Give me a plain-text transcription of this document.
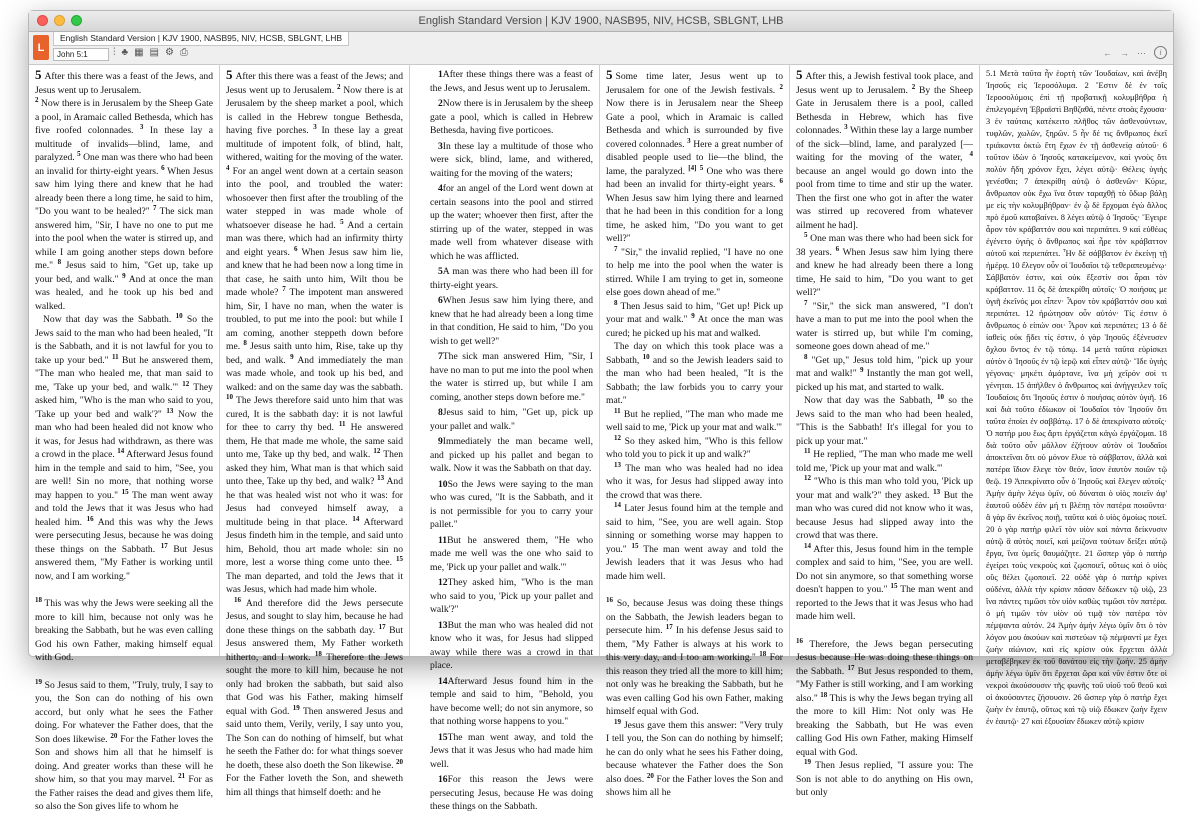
English Standard Version | KJV 1900, NASB95, NIV, HCSB, SBLGNT, LHB
L
English Standard Version | KJV 1900, NASB95, NIV, HCSB, SBLGNT, LHB
John 5:1	⫶ ♣ ▦ ▤ ⚙ ⎙	← → ⋯	i

5 After this there was a feast of the Jews, and Jesus went up to Jerusalem.

$^2$ Now there is in Jerusalem by the Sheep Gate a pool, in Aramaic called Bethesda, which has five roofed colonnades. $^3$ In these lay a multitude of invalids—blind, lame, and paralyzed. $^5$ One man was there who had been an invalid for thirty-eight years. $^6$ When Jesus saw him lying there and knew that he had already been there a long time, he said to him, "Do you want to be healed?" $^7$ The sick man answered him, "Sir, I have no one to put me into the pool when the water is stirred up, and while I am going another steps down before me." $^8$ Jesus said to him, "Get up, take up your bed, and walk." $^9$ And at once the man was healed, and he took up his bed and walked.

Now that day was the Sabbath. $^{10}$ So the Jews said to the man who had been healed, "It is the Sabbath, and it is not lawful for you to take up your bed." $^{11}$ But he answered them, "The man who healed me, that man said to me, 'Take up your bed, and walk.'" $^{12}$ They asked him, "Who is the man who said to you, 'Take up your bed and walk'?" $^{13}$ Now the man who had been healed did not know who it was, for Jesus had withdrawn, as there was a crowd in the place. $^{14}$ Afterward Jesus found him in the temple and said to him, "See, you are well! Sin no more, that nothing worse may happen to you." $^{15}$ The man went away and told the Jews that it was Jesus who had healed him. $^{16}$ And this was why the Jews were persecuting Jesus, because he was doing these things on the Sabbath. $^{17}$ But Jesus answered them, "My Father is working until now, and I am working."

$^{18}$ This was why the Jews were seeking all the more to kill him, because not only was he breaking the Sabbath, but he was even calling God his own Father, making himself equal with God.

$^{19}$ So Jesus said to them, "Truly, truly, I say to you, the Son can do nothing of his own accord, but only what he sees the Father doing. For whatever the Father does, that the Son does likewise. $^{20}$ For the Father loves the Son and shows him all that he himself is doing. And greater works than these will he show him, so that you may marvel. $^{21}$ For as the Father raises the dead and gives them life, so also the Son gives life to whom he

5 After this there was a feast of the Jews; and Jesus went up to Jerusalem. $^2$ Now there is at Jerusalem by the sheep market a pool, which is called in the Hebrew tongue Bethesda, having five porches. $^3$ In these lay a great multitude of impotent folk, of blind, halt, withered, waiting for the moving of the water. $^4$ For an angel went down at a certain season into the pool, and troubled the water: whosoever then first after the troubling of the water stepped in was made whole of whatsoever disease he had. $^5$ And a certain man was there, which had an infirmity thirty and eight years. $^6$ When Jesus saw him lie, and knew that he had been now a long time in that case, he saith unto him, Wilt thou be made whole? $^7$ The impotent man answered him, Sir, I have no man, when the water is troubled, to put me into the pool: but while I am coming, another steppeth down before me. $^8$ Jesus saith unto him, Rise, take up thy bed, and walk. $^9$ And immediately the man was made whole, and took up his bed, and walked: and on the same day was the sabbath. $^{10}$ The Jews therefore said unto him that was cured, It is the sabbath day: it is not lawful for thee to carry thy bed. $^{11}$ He answered them, He that made me whole, the same said unto me, Take up thy bed, and walk. $^{12}$ Then asked they him, What man is that which said unto thee, Take up thy bed, and walk? $^{13}$ And he that was healed wist not who it was: for Jesus had conveyed himself away, a multitude being in that place. $^{14}$ Afterward Jesus findeth him in the temple, and said unto him, Behold, thou art made whole: sin no more, lest a worse thing come unto thee. $^{15}$ The man departed, and told the Jews that it was Jesus, which had made him whole.

$^{16}$ And therefore did the Jews persecute Jesus, and sought to slay him, because he had done these things on the sabbath day. $^{17}$ But Jesus answered them, My Father worketh hitherto, and I work. $^{18}$ Therefore the Jews sought the more to kill him, because he not only had broken the sabbath, but said also that God was his Father, making himself equal with God. $^{19}$ Then answered Jesus and said unto them, Verily, verily, I say unto you, The Son can do nothing of himself, but what he seeth the Father do: for what things soever he doeth, these also doeth the Son likewise. $^{20}$ For the Father loveth the Son, and sheweth him all things that himself doeth: and he

1After these things there was a feast of the Jews, and Jesus went up to Jerusalem.

2Now there is in Jerusalem by the sheep gate a pool, which is called in Hebrew Bethesda, having five porticoes.

3In these lay a multitude of those who were sick, blind, lame, and withered, waiting for the moving of the waters;

4for an angel of the Lord went down at certain seasons into the pool and stirred up the water; whoever then first, after the stirring up of the water, stepped in was made well from whatever disease with which he was afflicted.

5A man was there who had been ill for thirty-eight years.

6When Jesus saw him lying there, and knew that he had already been a long time in that condition, He said to him, "Do you wish to get well?"

7The sick man answered Him, "Sir, I have no man to put me into the pool when the water is stirred up, but while I am coming, another steps down before me."

8Jesus said to him, "Get up, pick up your pallet and walk."

9Immediately the man became well, and picked up his pallet and began to walk. Now it was the Sabbath on that day.

10So the Jews were saying to the man who was cured, "It is the Sabbath, and it is not permissible for you to carry your pallet."

11But he answered them, "He who made me well was the one who said to me, 'Pick up your pallet and walk.'"

12They asked him, "Who is the man who said to you, 'Pick up your pallet and walk'?"

13But the man who was healed did not know who it was, for Jesus had slipped away while there was a crowd in that place.

14Afterward Jesus found him in the temple and said to him, "Behold, you have become well; do not sin anymore, so that nothing worse happens to you."

15The man went away, and told the Jews that it was Jesus who had made him well.

16For this reason the Jews were persecuting Jesus, because He was doing these things on the Sabbath.

5 Some time later, Jesus went up to Jerusalem for one of the Jewish festivals. $^2$ Now there is in Jerusalem near the Sheep Gate a pool, which in Aramaic is called Bethesda and which is surrounded by five covered colonnades. $^3$ Here a great number of disabled people used to lie—the blind, the lame, the paralyzed. [4] $^5$ One who was there had been an invalid for thirty-eight years. $^6$ When Jesus saw him lying there and learned that he had been in this condition for a long time, he asked him, "Do you want to get well?"

$^7$ "Sir," the invalid replied, "I have no one to help me into the pool when the water is stirred. While I am trying to get in, someone else goes down ahead of me."

$^8$ Then Jesus said to him, "Get up! Pick up your mat and walk." $^9$ At once the man was cured; he picked up his mat and walked.

The day on which this took place was a Sabbath, $^{10}$ and so the Jewish leaders said to the man who had been healed, "It is the Sabbath; the law forbids you to carry your mat."

$^{11}$ But he replied, "The man who made me well said to me, 'Pick up your mat and walk.'"

$^{12}$ So they asked him, "Who is this fellow who told you to pick it up and walk?"

$^{13}$ The man who was healed had no idea who it was, for Jesus had slipped away into the crowd that was there.

$^{14}$ Later Jesus found him at the temple and said to him, "See, you are well again. Stop sinning or something worse may happen to you." $^{15}$ The man went away and told the Jewish leaders that it was Jesus who had made him well.

$^{16}$ So, because Jesus was doing these things on the Sabbath, the Jewish leaders began to persecute him. $^{17}$ In his defense Jesus said to them, "My Father is always at his work to this very day, and I too am working." $^{18}$ For this reason they tried all the more to kill him; not only was he breaking the Sabbath, but he was even calling God his own Father, making himself equal with God.

$^{19}$ Jesus gave them this answer: "Very truly I tell you, the Son can do nothing by himself; he can do only what he sees his Father doing, because whatever the Father does the Son also does. $^{20}$ For the Father loves the Son and shows him all he

5 After this, a Jewish festival took place, and Jesus went up to Jerusalem. $^2$ By the Sheep Gate in Jerusalem there is a pool, called Bethesda in Hebrew, which has five colonnades. $^3$ Within these lay a large number of the sick—blind, lame, and paralyzed [—waiting for the moving of the water, $^4$ because an angel would go down into the pool from time to time and stir up the water. Then the first one who got in after the water was stirred up recovered from whatever ailment he had].

$^5$ One man was there who had been sick for 38 years. $^6$ When Jesus saw him lying there and knew he had already been there a long time, He said to him, "Do you want to get well?"

$^7$ "Sir," the sick man answered, "I don't have a man to put me into the pool when the water is stirred up, but while I'm coming, someone goes down ahead of me."

$^8$ "Get up," Jesus told him, "pick up your mat and walk!" $^9$ Instantly the man got well, picked up his mat, and started to walk.

Now that day was the Sabbath, $^{10}$ so the Jews said to the man who had been healed, "This is the Sabbath! It's illegal for you to pick up your mat."

$^{11}$ He replied, "The man who made me well told me, 'Pick up your mat and walk.'"

$^{12}$ "Who is this man who told you, 'Pick up your mat and walk'?" they asked. $^{13}$ But the man who was cured did not know who it was, because Jesus had slipped away into the crowd that was there.

$^{14}$ After this, Jesus found him in the temple complex and said to him, "See, you are well. Do not sin anymore, so that something worse doesn't happen to you." $^{15}$ The man went and reported to the Jews that it was Jesus who had made him well.

$^{16}$ Therefore, the Jews began persecuting Jesus because He was doing these things on the Sabbath. $^{17}$ But Jesus responded to them, "My Father is still working, and I am working also." $^{18}$ This is why the Jews began trying all the more to kill Him: Not only was He breaking the Sabbath, but He was even calling God His own Father, making Himself equal with God.

$^{19}$ Then Jesus replied, "I assure you: The Son is not able to do anything on His own, but only

5.1 Μετὰ ταῦτα ἦν ἑορτὴ τῶν Ἰουδαίων, καὶ ἀνέβη Ἰησοῦς εἰς Ἱεροσόλυμα. 2 Ἔστιν δὲ ἐν τοῖς Ἱεροσολύμοις ἐπὶ τῇ προβατικῇ κολυμβήθρα ἡ ἐπιλεγομένη Ἑβραϊστὶ Βηθζαθά, πέντε στοὰς ἔχουσα· 3 ἐν ταύταις κατέκειτο πλῆθος τῶν ἀσθενούντων, τυφλῶν, χωλῶν, ξηρῶν. 5 ἦν δέ τις ἄνθρωπος ἐκεῖ τριάκοντα ὀκτὼ ἔτη ἔχων ἐν τῇ ἀσθενείᾳ αὐτοῦ· 6 τοῦτον ἰδὼν ὁ Ἰησοῦς κατακείμενον, καὶ γνοὺς ὅτι πολὺν ἤδη χρόνον ἔχει, λέγει αὐτῷ· Θέλεις ὑγιὴς γενέσθαι; 7 ἀπεκρίθη αὐτῷ ὁ ἀσθενῶν· Κύριε, ἄνθρωπον οὐκ ἔχω ἵνα ὅταν ταραχθῇ τὸ ὕδωρ βάλῃ με εἰς τὴν κολυμβήθραν· ἐν ᾧ δὲ ἔρχομαι ἐγὼ ἄλλος πρὸ ἐμοῦ καταβαίνει. 8 λέγει αὐτῷ ὁ Ἰησοῦς· Ἔγειρε ἆρον τὸν κράβαττόν σου καὶ περιπάτει. 9 καὶ εὐθέως ἐγένετο ὑγιὴς ὁ ἄνθρωπος καὶ ἦρε τὸν κράβαττον αὐτοῦ καὶ περιεπάτει. Ἦν δὲ σάββατον ἐν ἐκείνῃ τῇ ἡμέρᾳ. 10 ἔλεγον οὖν οἱ Ἰουδαῖοι τῷ τεθεραπευμένῳ· Σάββατόν ἐστιν, καὶ οὐκ ἔξεστίν σοι ἆραι τὸν κράβαττον. 11 ὃς δὲ ἀπεκρίθη αὐτοῖς· Ὁ ποιήσας με ὑγιῆ ἐκεῖνός μοι εἶπεν· Ἆρον τὸν κράβαττόν σου καὶ περιπάτει. 12 ἠρώτησαν οὖν αὐτόν· Τίς ἐστιν ὁ ἄνθρωπος ὁ εἰπών σοι· Ἆρον καὶ περιπάτει; 13 ὁ δὲ ἰαθεὶς οὐκ ᾔδει τίς ἐστιν, ὁ γὰρ Ἰησοῦς ἐξένευσεν ὄχλου ὄντος ἐν τῷ τόπῳ. 14 μετὰ ταῦτα εὑρίσκει αὐτὸν ὁ Ἰησοῦς ἐν τῷ ἱερῷ καὶ εἶπεν αὐτῷ· Ἴδε ὑγιὴς γέγονας· μηκέτι ἁμάρτανε, ἵνα μὴ χεῖρόν σοί τι γένηται. 15 ἀπῆλθεν ὁ ἄνθρωπος καὶ ἀνήγγειλεν τοῖς Ἰουδαίοις ὅτι Ἰησοῦς ἐστιν ὁ ποιήσας αὐτὸν ὑγιῆ. 16 καὶ διὰ τοῦτο ἐδίωκον οἱ Ἰουδαῖοι τὸν Ἰησοῦν ὅτι ταῦτα ἐποίει ἐν σαββάτῳ. 17 ὁ δὲ ἀπεκρίνατο αὐτοῖς· Ὁ πατήρ μου ἕως ἄρτι ἐργάζεται κἀγὼ ἐργάζομαι. 18 διὰ τοῦτο οὖν μᾶλλον ἐζήτουν αὐτὸν οἱ Ἰουδαῖοι ἀποκτεῖναι ὅτι οὐ μόνον ἔλυε τὸ σάββατον, ἀλλὰ καὶ πατέρα ἴδιον ἔλεγε τὸν θεόν, ἴσον ἑαυτὸν ποιῶν τῷ θεῷ. 19 Ἀπεκρίνατο οὖν ὁ Ἰησοῦς καὶ ἔλεγεν αὐτοῖς· Ἀμὴν ἀμὴν λέγω ὑμῖν, οὐ δύναται ὁ υἱὸς ποιεῖν ἀφ' ἑαυτοῦ οὐδὲν ἐὰν μή τι βλέπῃ τὸν πατέρα ποιοῦντα· ἃ γὰρ ἂν ἐκεῖνος ποιῇ, ταῦτα καὶ ὁ υἱὸς ὁμοίως ποιεῖ. 20 ὁ γὰρ πατὴρ φιλεῖ τὸν υἱὸν καὶ πάντα δείκνυσιν αὐτῷ ἃ αὐτὸς ποιεῖ, καὶ μείζονα τούτων δείξει αὐτῷ ἔργα, ἵνα ὑμεῖς θαυμάζητε. 21 ὥσπερ γὰρ ὁ πατὴρ ἐγείρει τοὺς νεκροὺς καὶ ζῳοποιεῖ, οὕτως καὶ ὁ υἱὸς οὓς θέλει ζῳοποιεῖ. 22 οὐδὲ γὰρ ὁ πατὴρ κρίνει οὐδένα, ἀλλὰ τὴν κρίσιν πᾶσαν δέδωκεν τῷ υἱῷ, 23 ἵνα πάντες τιμῶσι τὸν υἱὸν καθὼς τιμῶσι τὸν πατέρα. ὁ μὴ τιμῶν τὸν υἱὸν οὐ τιμᾷ τὸν πατέρα τὸν πέμψαντα αὐτόν. 24 Ἀμὴν ἀμὴν λέγω ὑμῖν ὅτι ὁ τὸν λόγον μου ἀκούων καὶ πιστεύων τῷ πέμψαντί με ἔχει ζωὴν αἰώνιον, καὶ εἰς κρίσιν οὐκ ἔρχεται ἀλλὰ μεταβέβηκεν ἐκ τοῦ θανάτου εἰς τὴν ζωήν. 25 ἀμὴν ἀμὴν λέγω ὑμῖν ὅτι ἔρχεται ὥρα καὶ νῦν ἐστιν ὅτε οἱ νεκροὶ ἀκούσουσιν τῆς φωνῆς τοῦ υἱοῦ τοῦ θεοῦ καὶ οἱ ἀκούσαντες ζήσουσιν. 26 ὥσπερ γὰρ ὁ πατὴρ ἔχει ζωὴν ἐν ἑαυτῷ, οὕτως καὶ τῷ υἱῷ ἔδωκεν ζωὴν ἔχειν ἐν ἑαυτῷ· 27 καὶ ἐξουσίαν ἔδωκεν αὐτῷ κρίσιν
